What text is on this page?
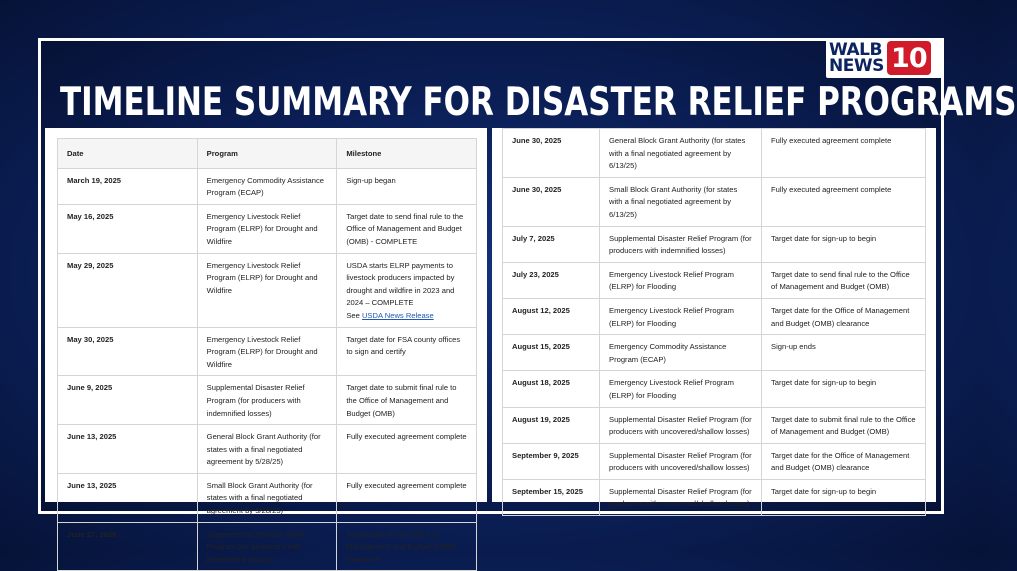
WALB
NEWS 10
TIMELINE SUMMARY FOR DISASTER RELIEF PROGRAMS
Date	Program	Milestone
March 19, 2025	Emergency Commodity Assistance Program (ECAP)	Sign-up began
May 16, 2025	Emergency Livestock Relief Program (ELRP) for Drought and Wildfire	Target date to send final rule to the Office of Management and Budget (OMB) - COMPLETE
May 29, 2025	Emergency Livestock Relief Program (ELRP) for Drought and Wildfire	USDA starts ELRP payments to livestock producers impacted by drought and wildfire in 2023 and 2024 – COMPLETE
See USDA News Release
May 30, 2025	Emergency Livestock Relief Program (ELRP) for Drought and Wildfire	Target date for FSA county offices to sign and certify
June 9, 2025	Supplemental Disaster Relief Program (for producers with indemnified losses)	Target date to submit final rule to the Office of Management and Budget (OMB)
June 13, 2025	General Block Grant Authority (for states with a final negotiated agreement by 5/28/25)	Fully executed agreement complete
June 13, 2025	Small Block Grant Authority (for states with a final negotiated agreement by 5/28/25)	Fully executed agreement complete
June 27, 2025	Supplemental Disaster Relief Program (for producers with indemnified losses)	Target date for the Office of Management and Budget (OMB) clearance
June 30, 2025	General Block Grant Authority (for states with a final negotiated agreement by 6/13/25)	Fully executed agreement complete
June 30, 2025	Small Block Grant Authority (for states with a final negotiated agreement by 6/13/25)	Fully executed agreement complete
July 7, 2025	Supplemental Disaster Relief Program (for producers with indemnified losses)	Target date for sign-up to begin
July 23, 2025	Emergency Livestock Relief Program (ELRP) for Flooding	Target date to send final rule to the Office of Management and Budget (OMB)
August 12, 2025	Emergency Livestock Relief Program (ELRP) for Flooding	Target date for the Office of Management and Budget (OMB) clearance
August 15, 2025	Emergency Commodity Assistance Program (ECAP)	Sign-up ends
August 18, 2025	Emergency Livestock Relief Program (ELRP) for Flooding	Target date for sign-up to begin
August 19, 2025	Supplemental Disaster Relief Program (for producers with uncovered/shallow losses)	Target date to submit final rule to the Office of Management and Budget (OMB)
September 9, 2025	Supplemental Disaster Relief Program (for producers with uncovered/shallow losses)	Target date for the Office of Management and Budget (OMB) clearance
September 15, 2025	Supplemental Disaster Relief Program (for producers with uncovered/shallow losses)	Target date for sign-up to begin
